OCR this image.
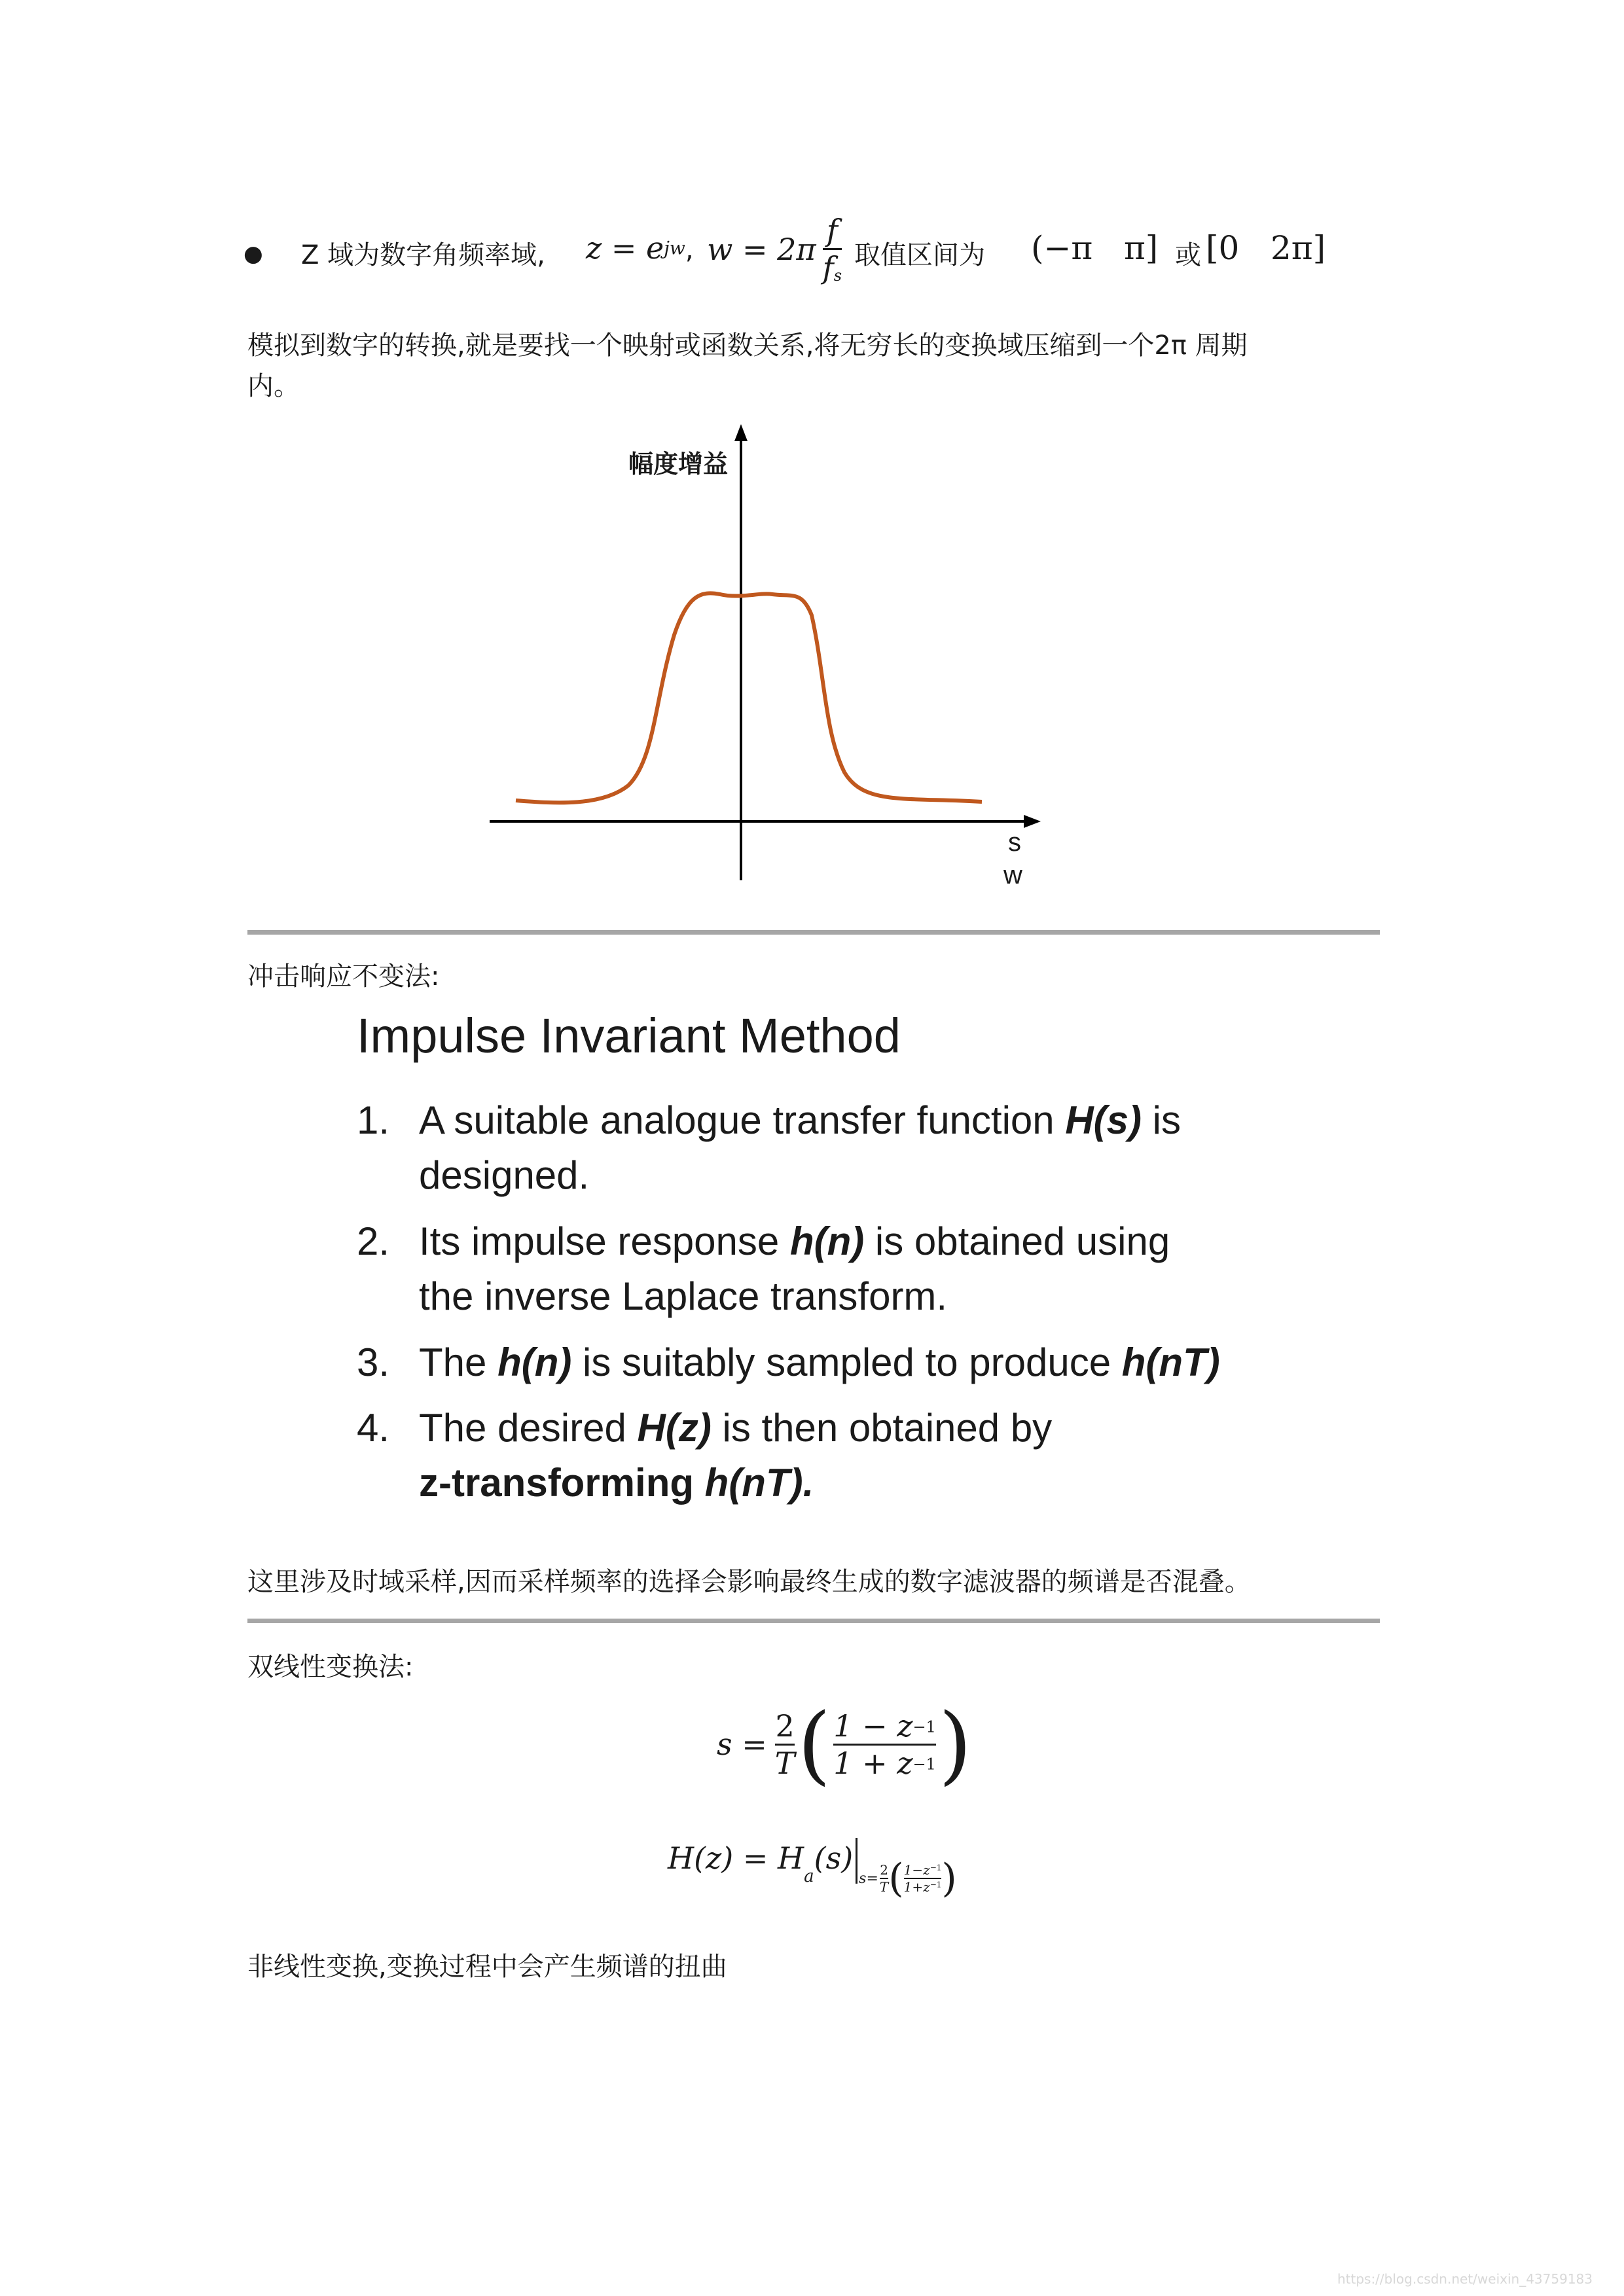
● Z 域为数字角频率域, $z = e^{jw}$, $w = 2\pi \frac{f}{f_s}$ 取值区间为 (−π   π] 或 [0   2π]
模拟到数字的转换,就是要找一个映射或函数关系,将无穷长的变换域压缩到一个2π 周期
内。
幅度增益
s
w
冲击响应不变法:
Impulse Invariant Method
1. A suitable analogue transfer function H(s) is
designed.
2. Its impulse response h(n) is obtained using
the inverse Laplace transform.
3. The h(n) is suitably sampled to produce h(nT)
4. The desired H(z) is then obtained by
z-transforming h(nT).
这里涉及时域采样,因而采样频率的选择会影响最终生成的数字滤波器的频谱是否混叠。
双线性变换法:
$s = \frac{2}{T}$ ( $\frac{1 - z^{-1}}{1 + z^{-1}}$ )
H(z) = H
a
(s)
$s= \frac{2}{T}$ ( $\frac{1-z^{-1}}{1+z^{-1}}$ )
非线性变换,变换过程中会产生频谱的扭曲
https://blog.csdn.net/weixin_43759183
